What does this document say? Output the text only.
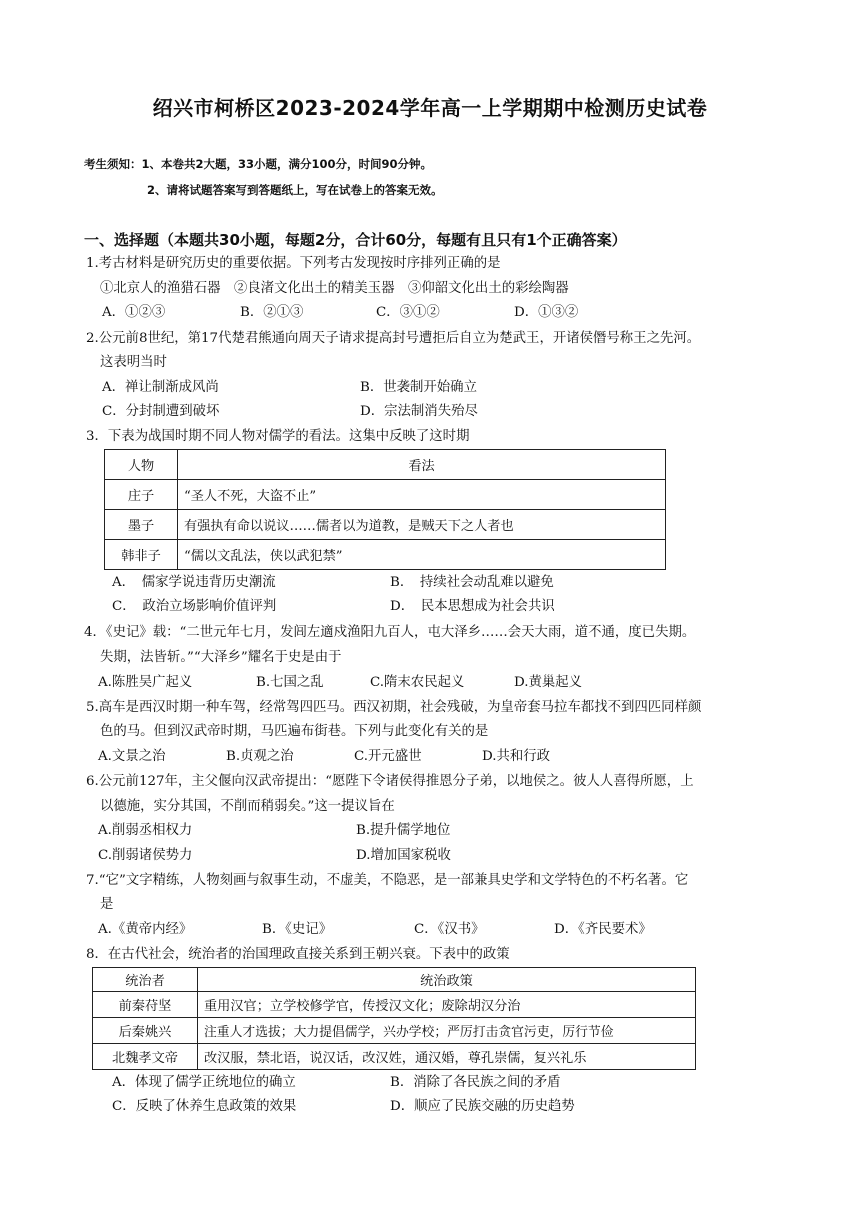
绍兴市柯桥区2023-2024学年高一上学期期中检测历史试卷
考生须知：1、本卷共2大题，33小题，满分100分，时间90分钟。
2、请将试题答案写到答题纸上，写在试卷上的答案无效。
一、选择题（本题共30小题，每题2分，合计60分，每题有且只有1个正确答案）
1.考古材料是研究历史的重要依据。下列考古发现按时序排列正确的是
①北京人的渔猎石器　②良渚文化出土的精美玉器　③仰韶文化出土的彩绘陶器
A．①②③	B．②①③	C．③①②	D．①③②
2.公元前8世纪，第17代楚君熊通向周天子请求提高封号遭拒后自立为楚武王，开诸侯僭号称王之先河。
这表明当时
A．禅让制渐成风尚	B．世袭制开始确立
C．分封制遭到破坏	D．宗法制消失殆尽
3．下表为战国时期不同人物对儒学的看法。这集中反映了这时期
人物	看法
庄子	“圣人不死，大盗不止”
墨子	有强执有命以说议……儒者以为道教，是贼天下之人者也
韩非子	“儒以文乱法，侠以武犯禁”
A．　儒家学说违背历史潮流	B．　持续社会动乱难以避免
C．　政治立场影响价值评判	D．　民本思想成为社会共识
4．《史记》载：“二世元年七月，发闾左適戍渔阳九百人，屯大泽乡……会天大雨，道不通，度已失期。
失期，法皆斩。”“大泽乡”耀名于史是由于
A.陈胜吴广起义	B.七国之乱	C.隋末农民起义	D.黄巢起义
5.高车是西汉时期一种车驾，经常驾四匹马。西汉初期，社会残破，为皇帝套马拉车都找不到四匹同样颜
色的马。但到汉武帝时期，马匹遍布街巷。下列与此变化有关的是
A.文景之治	B.贞观之治	C.开元盛世	D.共和行政
6.公元前127年，主父偃向汉武帝提出：“愿陛下令诸侯得推恩分子弟，以地侯之。彼人人喜得所愿，上
以德施，实分其国，不削而稍弱矣。”这一提议旨在
A.削弱丞相权力	B.提升儒学地位
C.削弱诸侯势力	D.增加国家税收
7.“它”文字精练，人物刻画与叙事生动，不虚美，不隐恶，是一部兼具史学和文学特色的不朽名著。它
是
A.《黄帝内经》	B．《史记》	C．《汉书》	D．《齐民要术》
8．在古代社会，统治者的治国理政直接关系到王朝兴衰。下表中的政策
统治者	统治政策
前秦苻坚	重用汉官；立学校修学官，传授汉文化；废除胡汉分治
后秦姚兴	注重人才选拔；大力提倡儒学，兴办学校；严厉打击贪官污吏，厉行节俭
北魏孝文帝	改汉服，禁北语，说汉话，改汉姓，通汉婚，尊孔崇儒，复兴礼乐
A．体现了儒学正统地位的确立	B．消除了各民族之间的矛盾
C．反映了休养生息政策的效果	D．顺应了民族交融的历史趋势
